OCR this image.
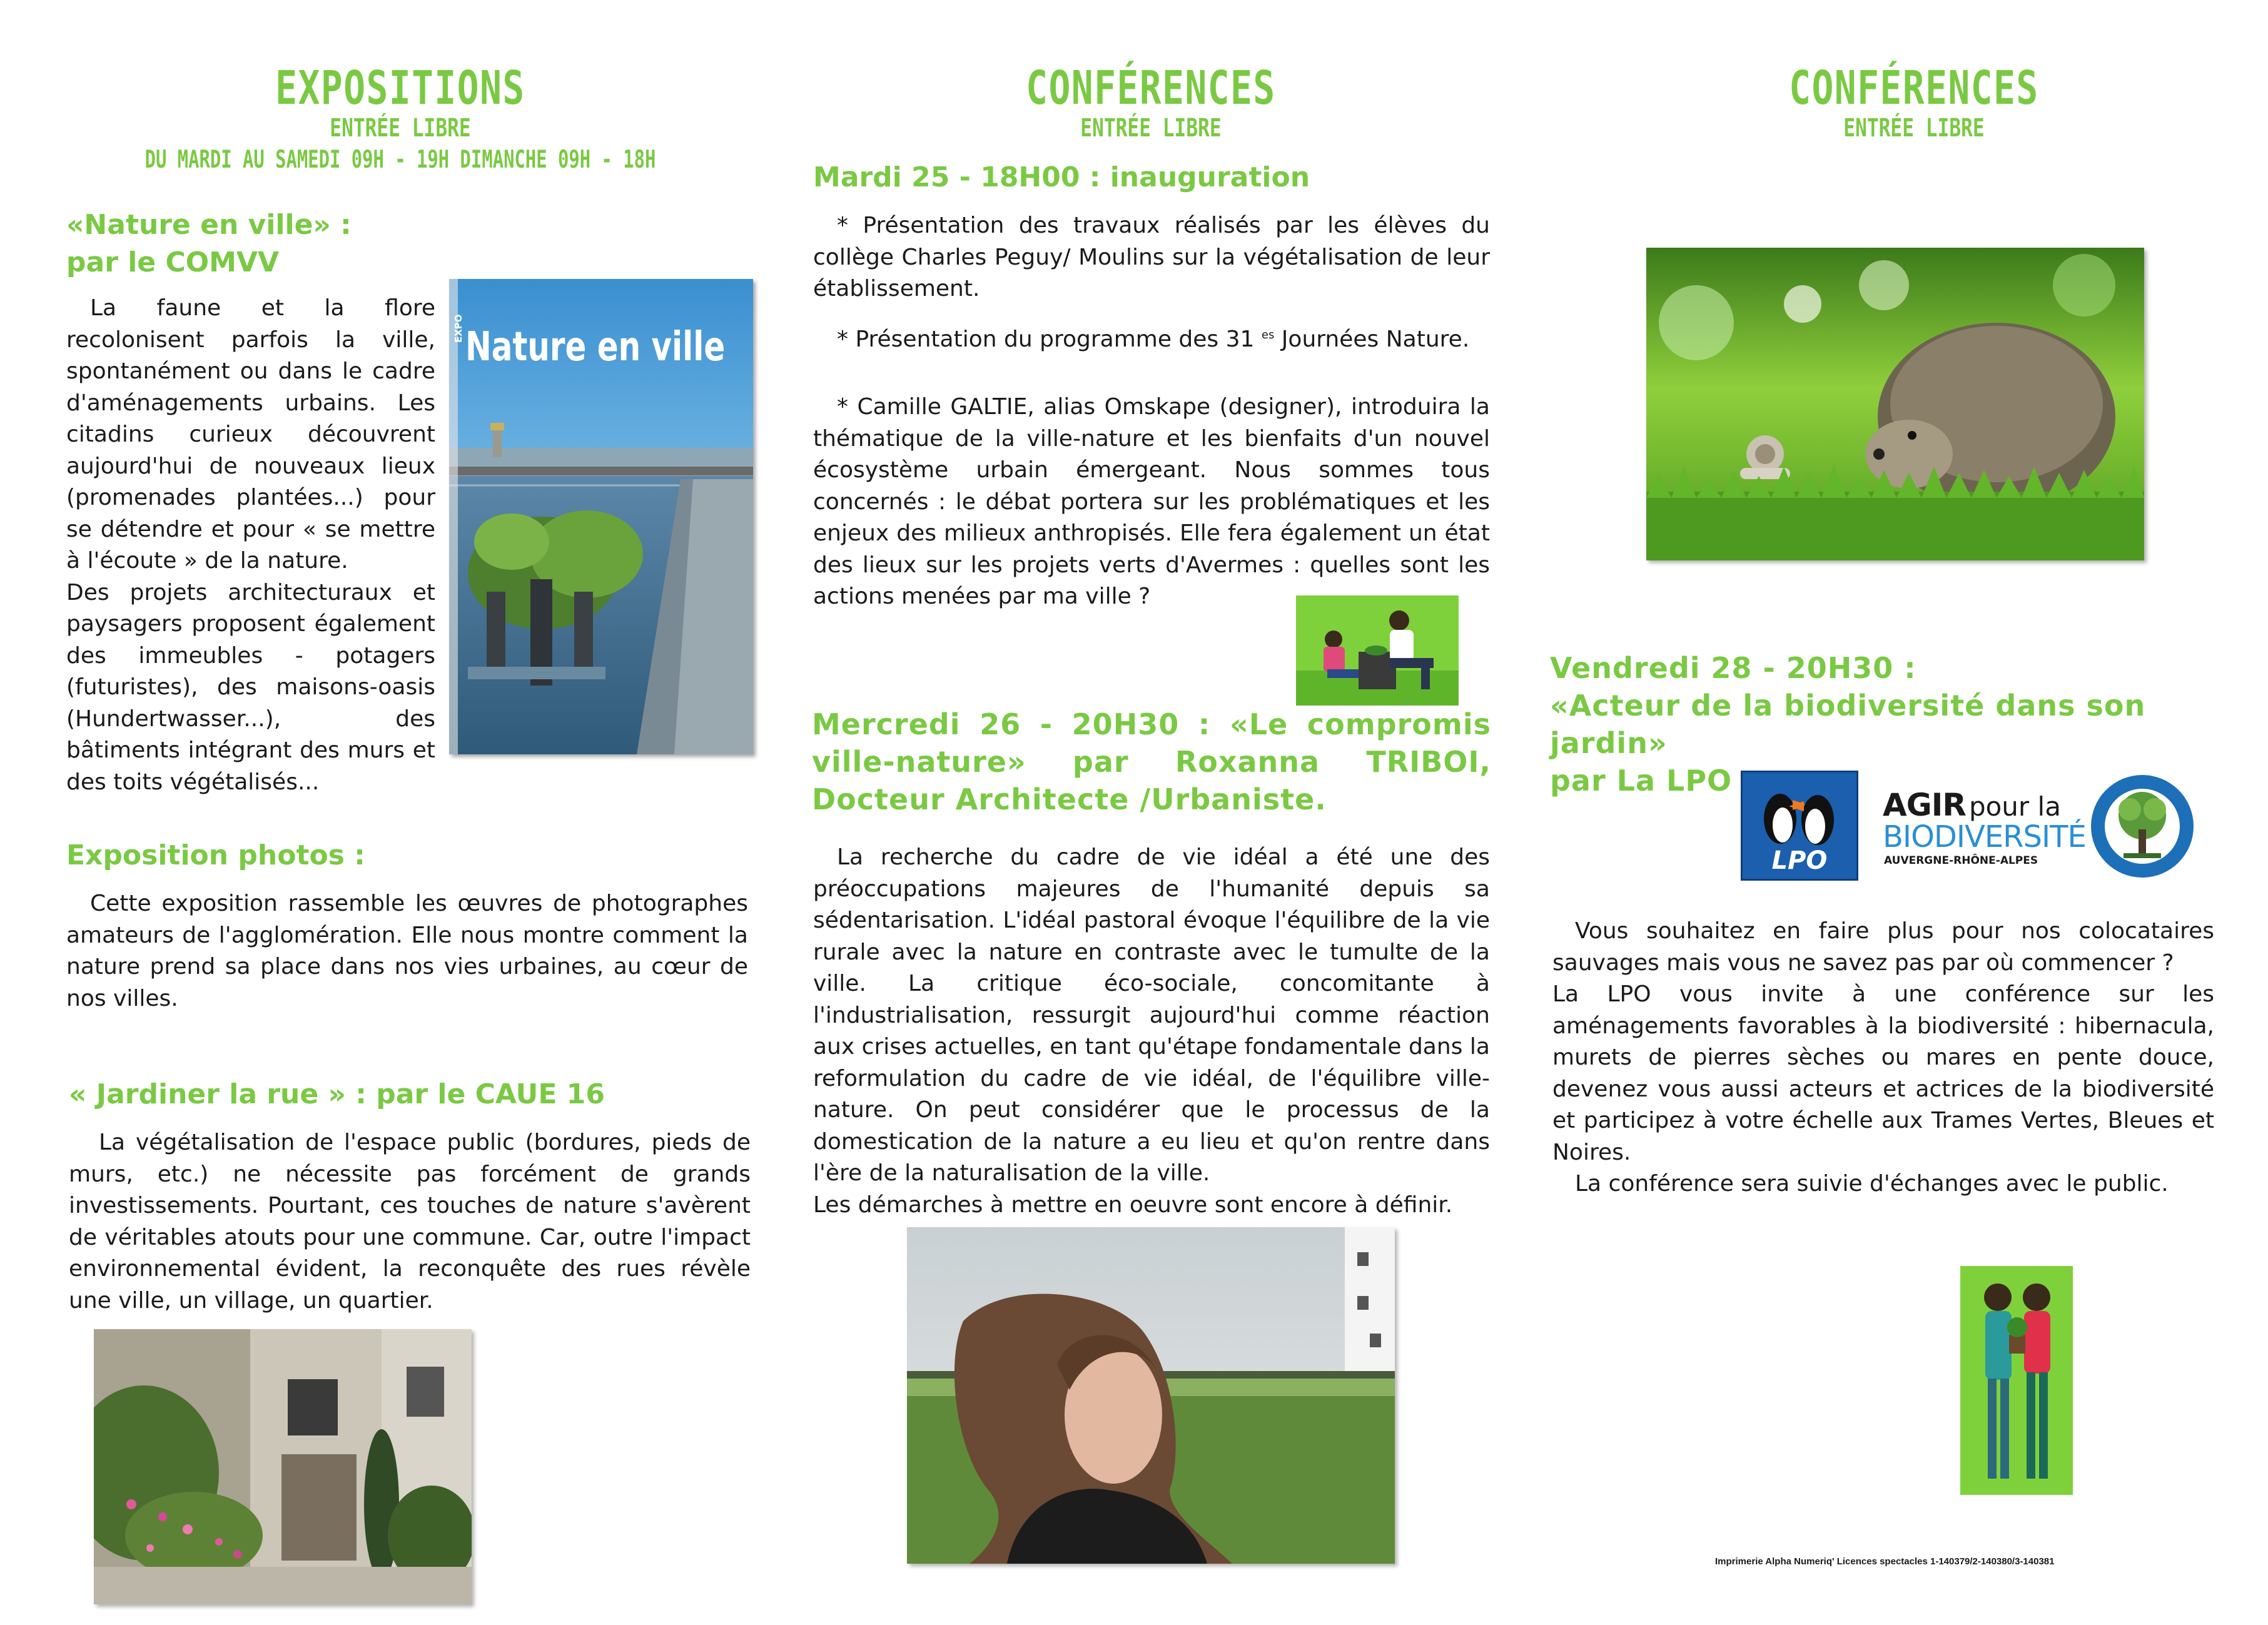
EXPOSITIONS
ENTRÉE LIBRE
DU MARDI AU SAMEDI 09H - 19H DIMANCHE 09H - 18H
«Nature en ville» :
par le COMVV

La faune et la flore recolonisent parfois la ville, spontanément ou dans le cadre d'aménagements urbains. Les citadins curieux découvrent aujourd'hui de nouveaux lieux (promenades plantées...) pour se détendre et pour « se mettre à l'écoute » de la nature.

Des projets architecturaux et paysagers proposent également des immeubles - potagers (futuristes), des maisons-oasis (Hundertwasser...), des bâtiments intégrant des murs et des toits végétalisés...

EXPO Nature en ville
Exposition photos :
Cette exposition rassemble les œuvres de photographes amateurs de l'agglomération. Elle nous montre comment la nature prend sa place dans nos vies urbaines, au cœur de nos villes.
« Jardiner la rue » : par le CAUE 16
La végétalisation de l'espace public (bordures, pieds de murs, etc.) ne nécessite pas forcément de grands investissements. Pourtant, ces touches de nature s'avèrent de véritables atouts pour une commune. Car, outre l'impact environnemental évident, la reconquête des rues révèle une ville, un village, un quartier.
CONFÉRENCES
ENTRÉE LIBRE
Mardi 25 - 18H00 : inauguration
* Présentation des travaux réalisés par les élèves du collège Charles Peguy/ Moulins sur la végétalisation de leur établissement.
* Présentation du programme des 31 $^{es}$ Journées Nature.
* Camille GALTIE, alias Omskape (designer), introduira la thématique de la ville-nature et les bienfaits d'un nouvel écosystème urbain émergeant. Nous sommes tous concernés : le débat portera sur les problématiques et les enjeux des milieux anthropisés. Elle fera également un état des lieux sur les projets verts d'Avermes : quelles sont les actions menées par ma ville ?
Mercredi 26 - 20H30 : «Le compromis ville-nature» par Roxanna TRIBOI, Docteur Architecte /Urbaniste.
La recherche du cadre de vie idéal a été une des préoccupations majeures de l'humanité depuis sa sédentarisation. L'idéal pastoral évoque l'équilibre de la vie rurale avec la nature en contraste avec le tumulte de la ville. La critique éco-sociale, concomitante à l'industrialisation, ressurgit aujourd'hui comme réaction aux crises actuelles, en tant qu'étape fondamentale dans la reformulation du cadre de vie idéal, de l'équilibre ville-nature. On peut considérer que le processus de la domestication de la nature a eu lieu et qu'on rentre dans l'ère de la naturalisation de la ville.
Les démarches à mettre en oeuvre sont encore à définir.
CONFÉRENCES
ENTRÉE LIBRE
Vendredi 28 - 20H30 :
«Acteur de la biodiversité dans son jardin»
par La LPO
LPO
AGIR pour la
BIODIVERSITÉ
AUVERGNE-RHÔNE-ALPES
Vous souhaitez en faire plus pour nos colocataires sauvages mais vous ne savez pas par où commencer ?
La LPO vous invite à une conférence sur les aménagements favorables à la biodiversité : hibernacula, murets de pierres sèches ou mares en pente douce, devenez vous aussi acteurs et actrices de la biodiversité et participez à votre échelle aux Trames Vertes, Bleues et Noires.
La conférence sera suivie d'échanges avec le public.
Imprimerie Alpha Numeriq' Licences spectacles 1-140379/2-140380/3-140381
